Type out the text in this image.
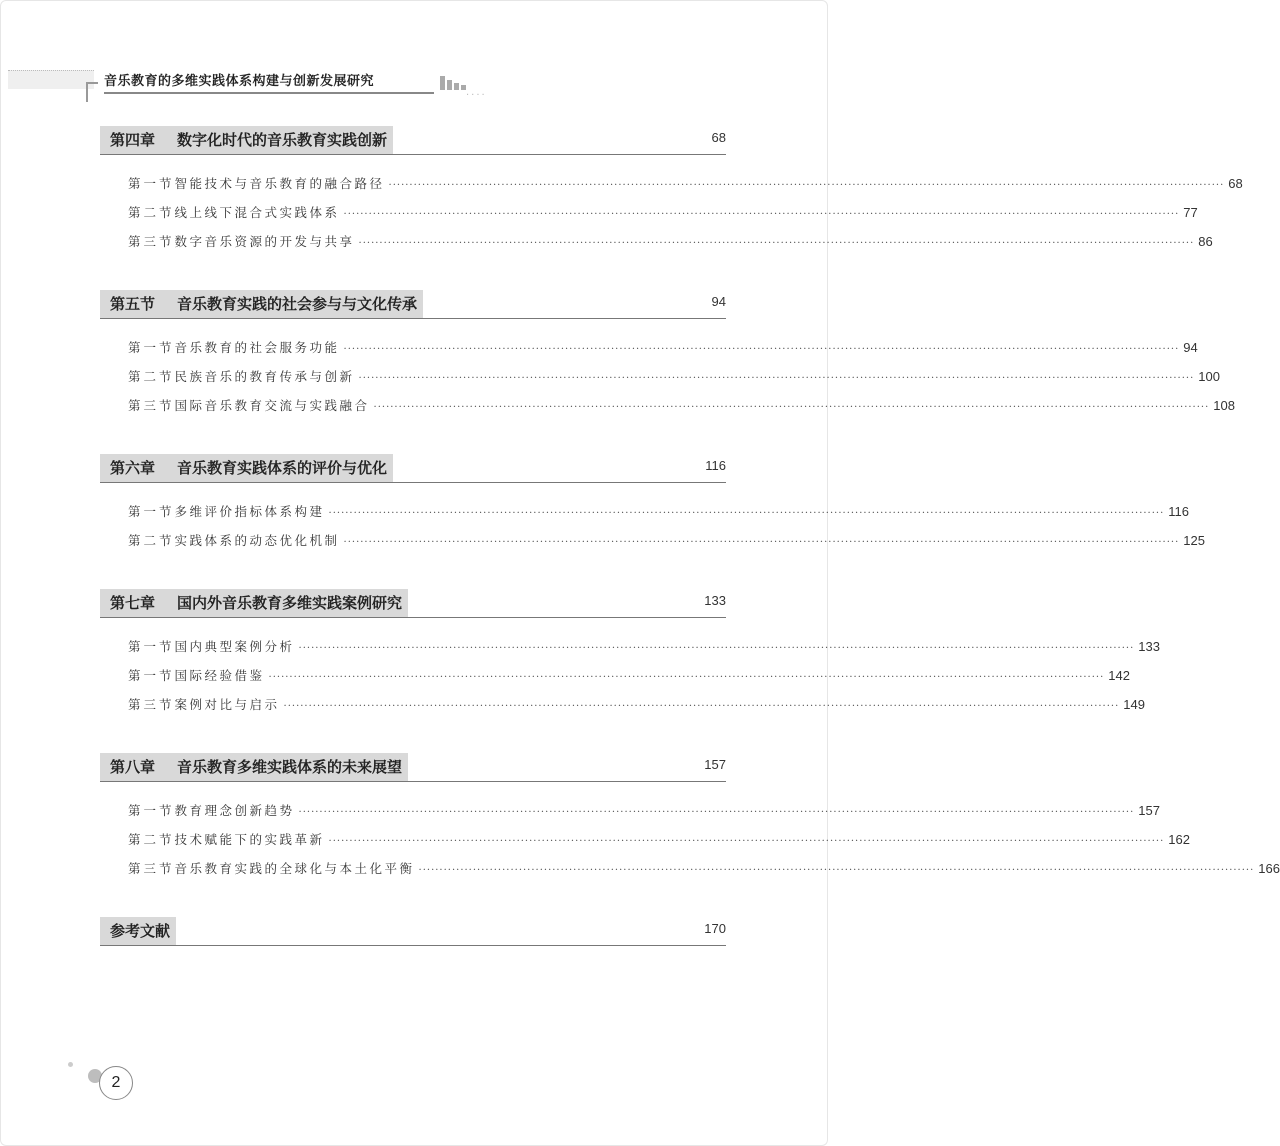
音乐教育的多维实践体系构建与创新发展研究
····
第四章 数字化时代的音乐教育实践创新	68
第一节 智能技术与音乐教育的融合路径 ········································································································································································································ 68
第二节 线上线下混合式实践体系 ········································································································································································································ 77
第三节 数字音乐资源的开发与共享 ········································································································································································································ 86
第五节 音乐教育实践的社会参与与文化传承	94
第一节 音乐教育的社会服务功能 ········································································································································································································ 94
第二节 民族音乐的教育传承与创新 ········································································································································································································ 100
第三节 国际音乐教育交流与实践融合 ········································································································································································································ 108
第六章 音乐教育实践体系的评价与优化	116
第一节 多维评价指标体系构建 ········································································································································································································ 116
第二节 实践体系的动态优化机制 ········································································································································································································ 125
第七章 国内外音乐教育多维实践案例研究	133
第一节 国内典型案例分析 ········································································································································································································ 133
第一节 国际经验借鉴 ········································································································································································································ 142
第三节 案例对比与启示 ········································································································································································································ 149
第八章 音乐教育多维实践体系的未来展望	157
第一节 教育理念创新趋势 ········································································································································································································ 157
第二节 技术赋能下的实践革新 ········································································································································································································ 162
第三节 音乐教育实践的全球化与本土化平衡 ········································································································································································································ 166
参考文献	170
2
